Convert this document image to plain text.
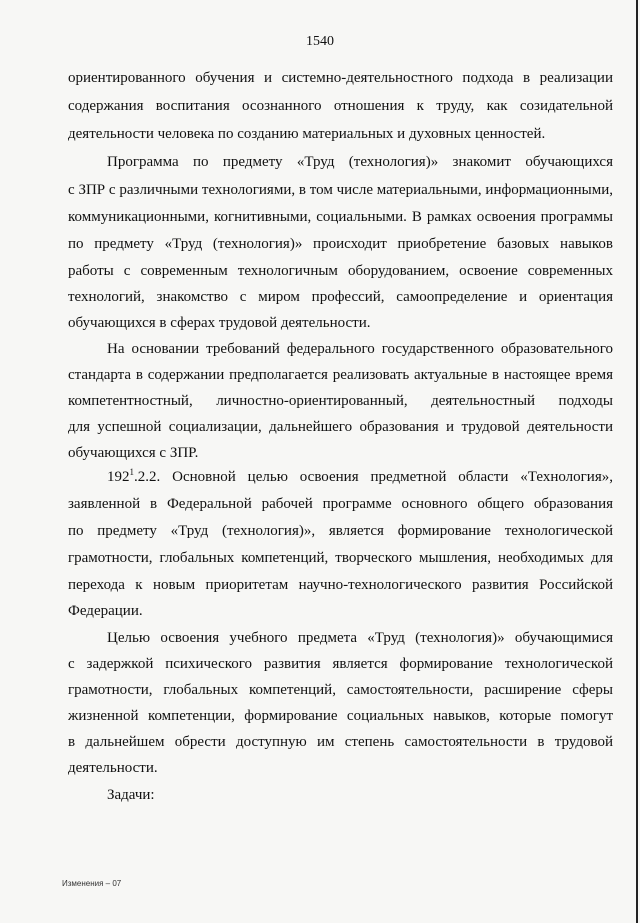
1540
ориентированного обучения и системно-деятельностного подхода в реализации
содержания воспитания осознанного отношения к труду, как созидательной
деятельности человека по созданию материальных и духовных ценностей.
Программа по предмету «Труд (технология)» знакомит обучающихся
с ЗПР с различными технологиями, в том числе материальными, информационными,
коммуникационными, когнитивными, социальными. В рамках освоения программы
по предмету «Труд (технология)» происходит приобретение базовых навыков
работы с современным технологичным оборудованием, освоение современных
технологий, знакомство с миром профессий, самоопределение и ориентация
обучающихся в сферах трудовой деятельности.
На основании требований федерального государственного образовательного
стандарта в содержании предполагается реализовать актуальные в настоящее время
компетентностный, личностно-ориентированный, деятельностный подходы
для успешной социализации, дальнейшего образования и трудовой деятельности
обучающихся с ЗПР.
$192^1.2.2$. Основной целью освоения предметной области «Технология»,
заявленной в Федеральной рабочей программе основного общего образования
по предмету «Труд (технология)», является формирование технологической
грамотности, глобальных компетенций, творческого мышления, необходимых для
перехода к новым приоритетам научно-технологического развития Российской
Федерации.
Целью освоения учебного предмета «Труд (технология)» обучающимися
с задержкой психического развития является формирование технологической
грамотности, глобальных компетенций, самостоятельности, расширение сферы
жизненной компетенции, формирование социальных навыков, которые помогут
в дальнейшем обрести доступную им степень самостоятельности в трудовой
деятельности.
Задачи:
Изменения – 07
